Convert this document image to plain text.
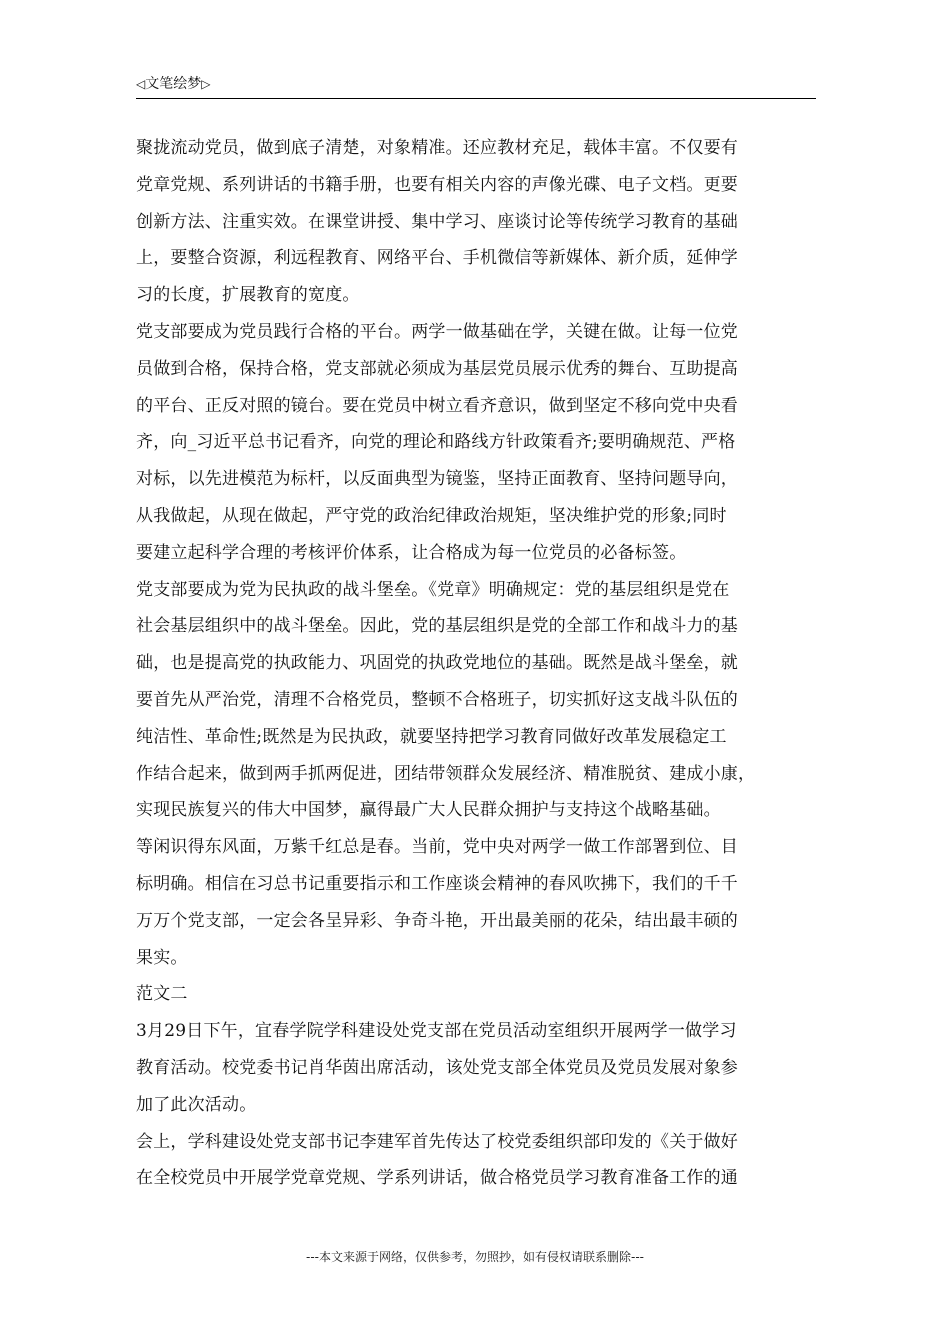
◁文笔绘梦▷
聚拢流动党员，做到底子清楚，对象精准。还应教材充足，载体丰富。不仅要有
党章党规、系列讲话的书籍手册，也要有相关内容的声像光碟、电子文档。更要
创新方法、注重实效。在课堂讲授、集中学习、座谈讨论等传统学习教育的基础
上，要整合资源，利远程教育、网络平台、手机微信等新媒体、新介质，延伸学
习的长度，扩展教育的宽度。
党支部要成为党员践行合格的平台。两学一做基础在学，关键在做。让每一位党
员做到合格，保持合格，党支部就必须成为基层党员展示优秀的舞台、互助提高
的平台、正反对照的镜台。要在党员中树立看齐意识，做到坚定不移向党中央看
齐，向_习近平总书记看齐，向党的理论和路线方针政策看齐;要明确规范、严格
对标，以先进模范为标杆，以反面典型为镜鉴，坚持正面教育、坚持问题导向，
从我做起，从现在做起，严守党的政治纪律政治规矩，坚决维护党的形象;同时
要建立起科学合理的考核评价体系，让合格成为每一位党员的必备标签。
党支部要成为党为民执政的战斗堡垒。《党章》明确规定：党的基层组织是党在
社会基层组织中的战斗堡垒。因此，党的基层组织是党的全部工作和战斗力的基
础，也是提高党的执政能力、巩固党的执政党地位的基础。既然是战斗堡垒，就
要首先从严治党，清理不合格党员，整顿不合格班子，切实抓好这支战斗队伍的
纯洁性、革命性;既然是为民执政，就要坚持把学习教育同做好改革发展稳定工
作结合起来，做到两手抓两促进，团结带领群众发展经济、精准脱贫、建成小康，
实现民族复兴的伟大中国梦，赢得最广大人民群众拥护与支持这个战略基础。
等闲识得东风面，万紫千红总是春。当前，党中央对两学一做工作部署到位、目
标明确。相信在习总书记重要指示和工作座谈会精神的春风吹拂下，我们的千千
万万个党支部，一定会各呈异彩、争奇斗艳，开出最美丽的花朵，结出最丰硕的
果实。
范文二
3月29日下午，宜春学院学科建设处党支部在党员活动室组织开展两学一做学习
教育活动。校党委书记肖华茵出席活动，该处党支部全体党员及党员发展对象参
加了此次活动。
会上，学科建设处党支部书记李建军首先传达了校党委组织部印发的《关于做好
在全校党员中开展学党章党规、学系列讲话，做合格党员学习教育准备工作的通
---本文来源于网络，仅供参考，勿照抄，如有侵权请联系删除---
